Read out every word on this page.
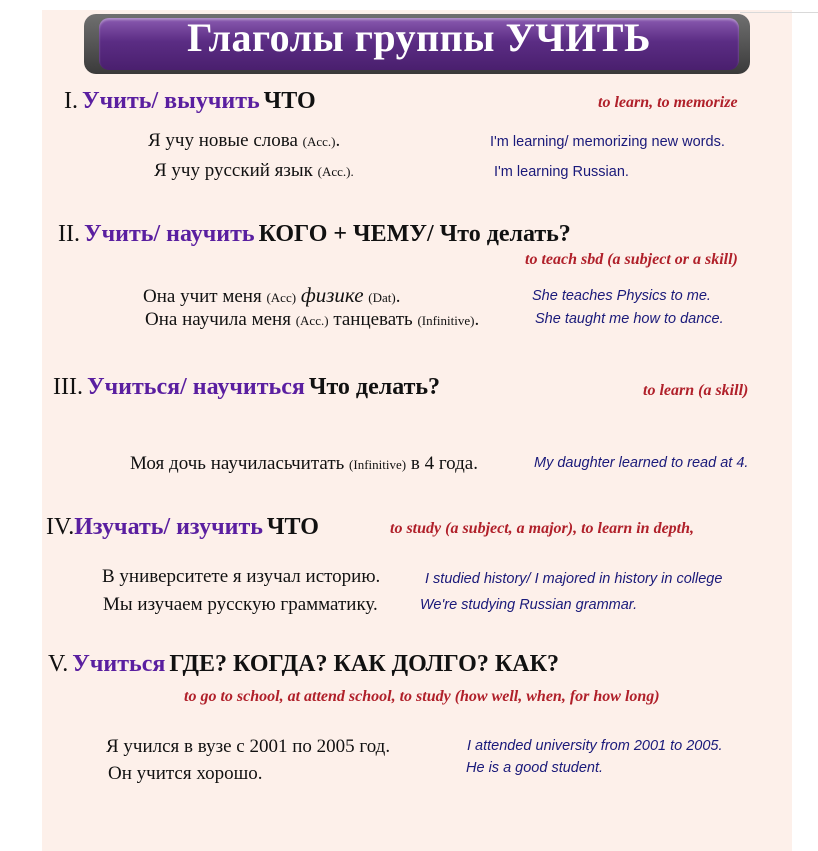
Глаголы группы УЧИТЬ
I. Учить/ выучить ЧТО	to learn, to memorize
Я учу новые слова (Acc.).	I'm learning/ memorizing new words.
Я учу русский язык (Acc.).	I'm learning Russian.
II. Учить/ научить КОГО + ЧЕМУ/ Что делать?
to teach sbd (a subject or a skill)
Она учит меня (Acc) физике (Dat).	She teaches Physics to me.
Она научила меня (Acc.) танцевать (Infinitive).	She taught me how to dance.
III. Учиться/ научиться Что делать?	to learn (a skill)
Моя дочь научиласьчитать (Infinitive) в 4 года.	My daughter learned to read at 4.
IV.Изучать/ изучить ЧТО	to study (a subject, a major), to learn in depth,
В университете я изучал историю.	I studied history/ I majored in history in college
Мы изучаем русскую грамматику.	We're studying Russian grammar.
V. Учиться ГДЕ? КОГДА? КАК ДОЛГО? КАК?
to go to school, at attend school, to study (how well, when, for how long)
Я учился в вузе с 2001 по 2005 год.	I attended university from 2001 to 2005.
Он учится хорошо.	He is a good student.
